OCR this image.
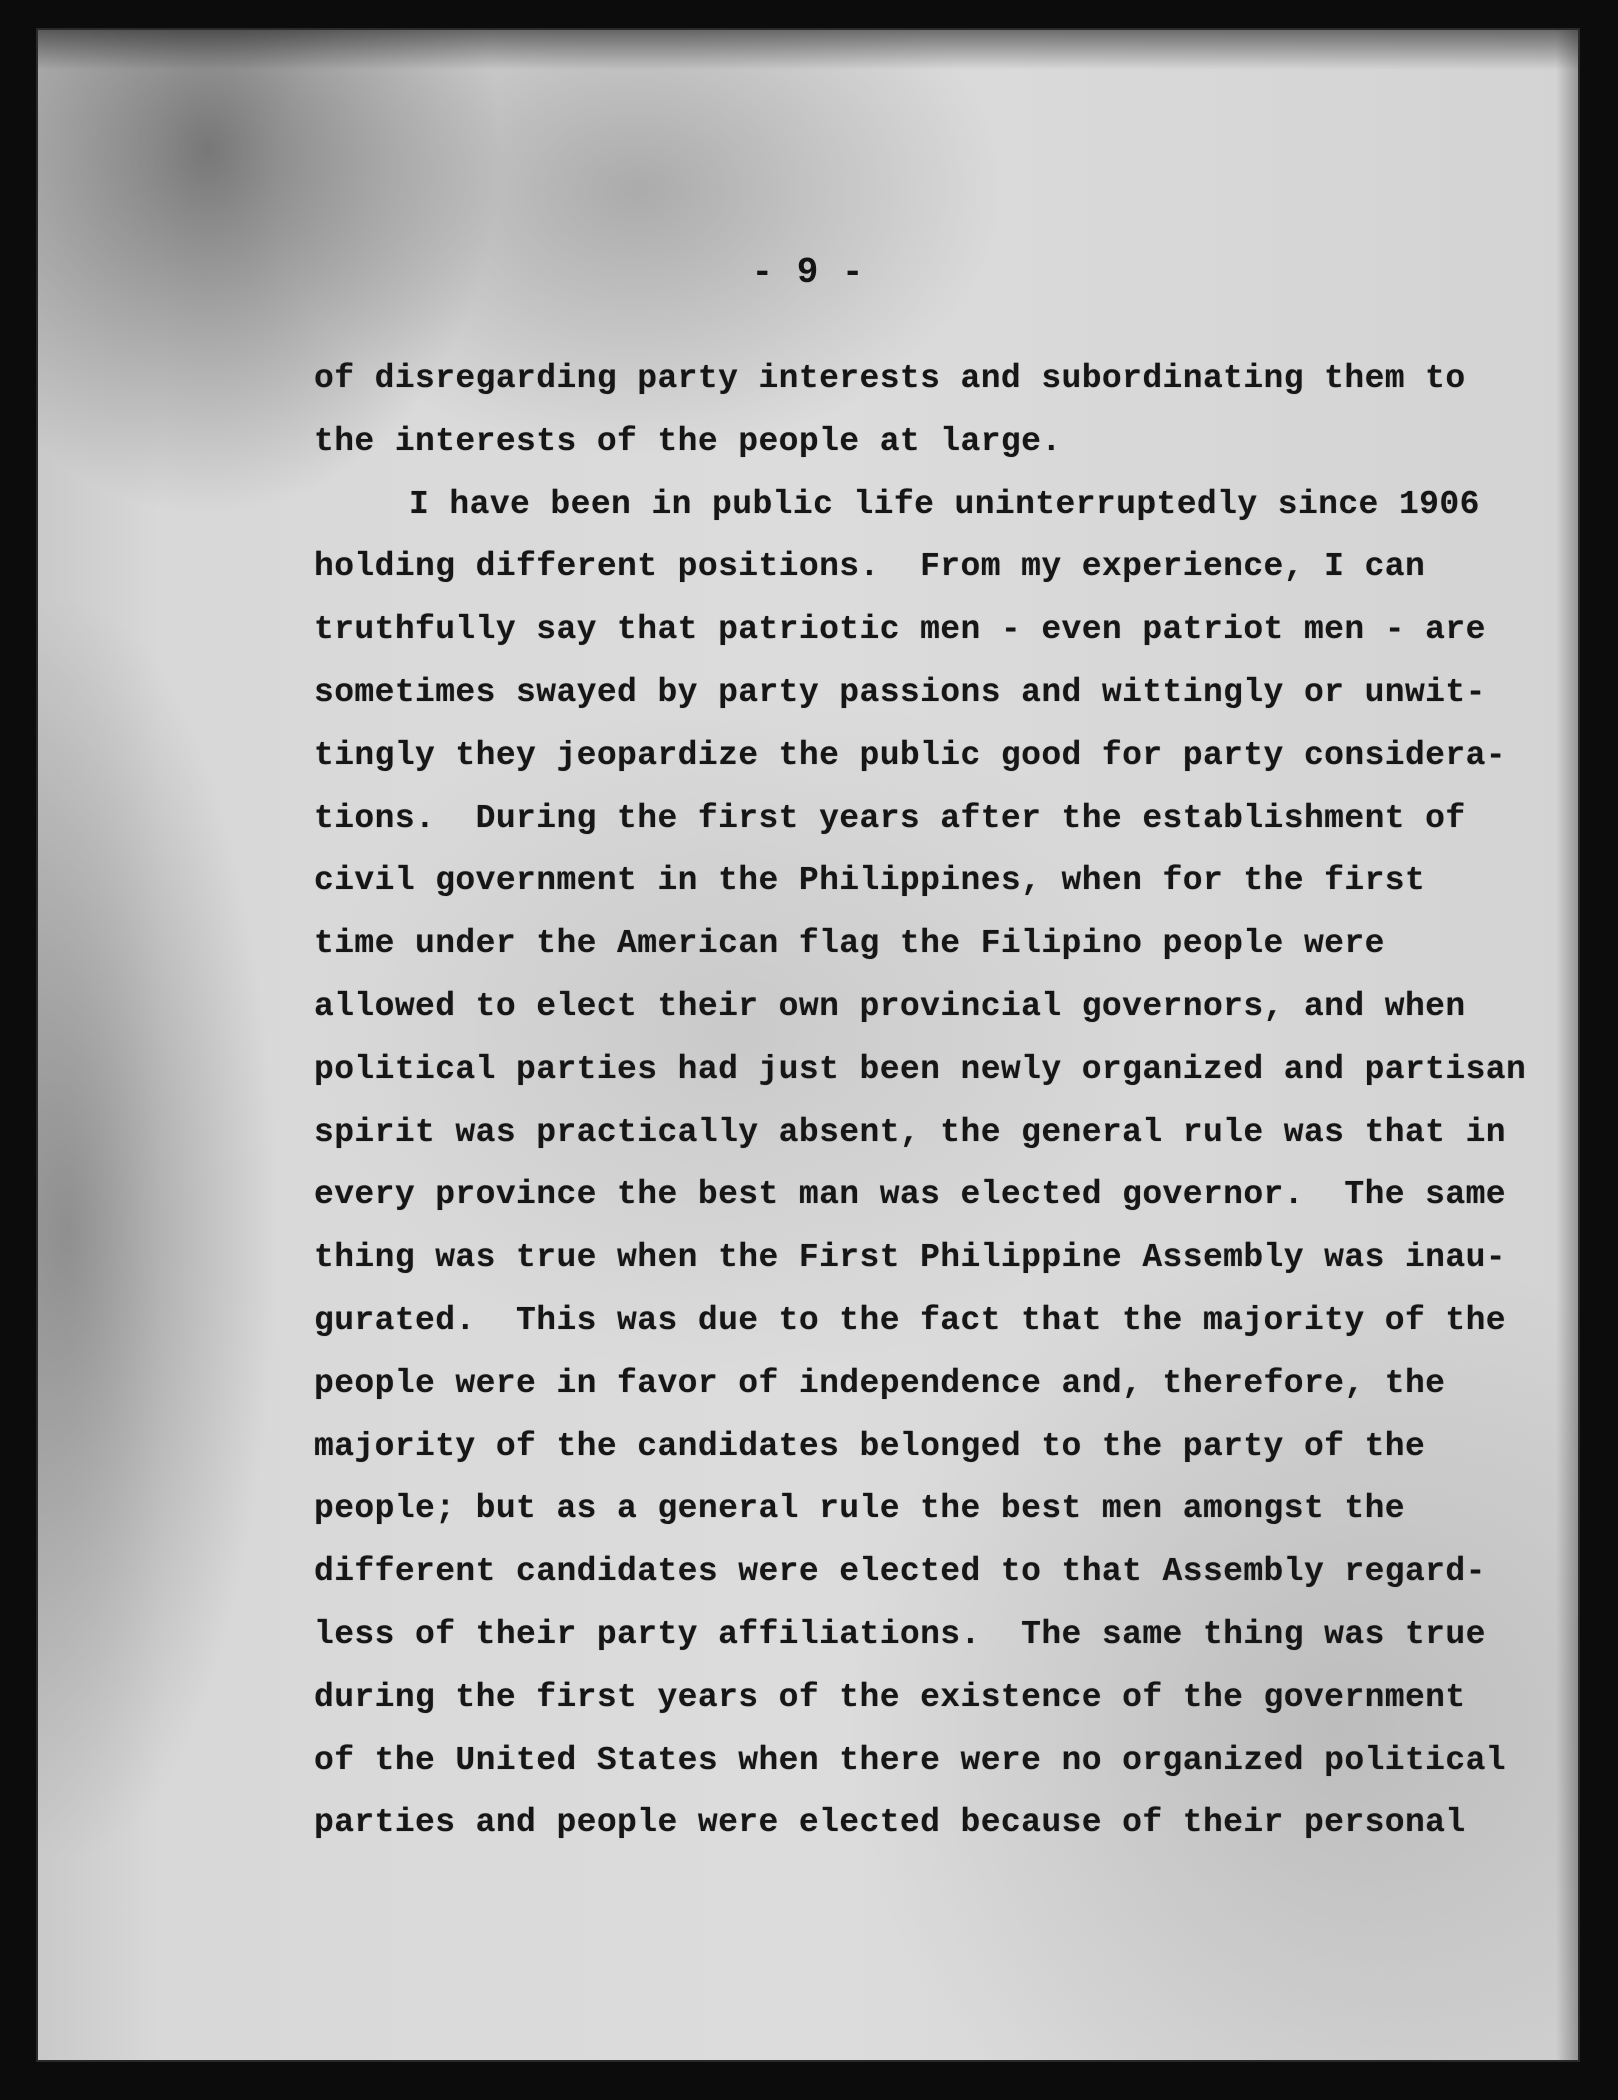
- 9 -
of disregarding party interests and subordinating them to
the interests of the people at large.
I have been in public life uninterruptedly since 1906
holding different positions.  From my experience, I can
truthfully say that patriotic men - even patriot men - are
sometimes swayed by party passions and wittingly or unwit-
tingly they jeopardize the public good for party considera-
tions.  During the first years after the establishment of
civil government in the Philippines, when for the first
time under the American flag the Filipino people were
allowed to elect their own provincial governors, and when
political parties had just been newly organized and partisan
spirit was practically absent, the general rule was that in
every province the best man was elected governor.  The same
thing was true when the First Philippine Assembly was inau-
gurated.  This was due to the fact that the majority of the
people were in favor of independence and, therefore, the
majority of the candidates belonged to the party of the
people; but as a general rule the best men amongst the
different candidates were elected to that Assembly regard-
less of their party affiliations.  The same thing was true
during the first years of the existence of the government
of the United States when there were no organized political
parties and people were elected because of their personal
